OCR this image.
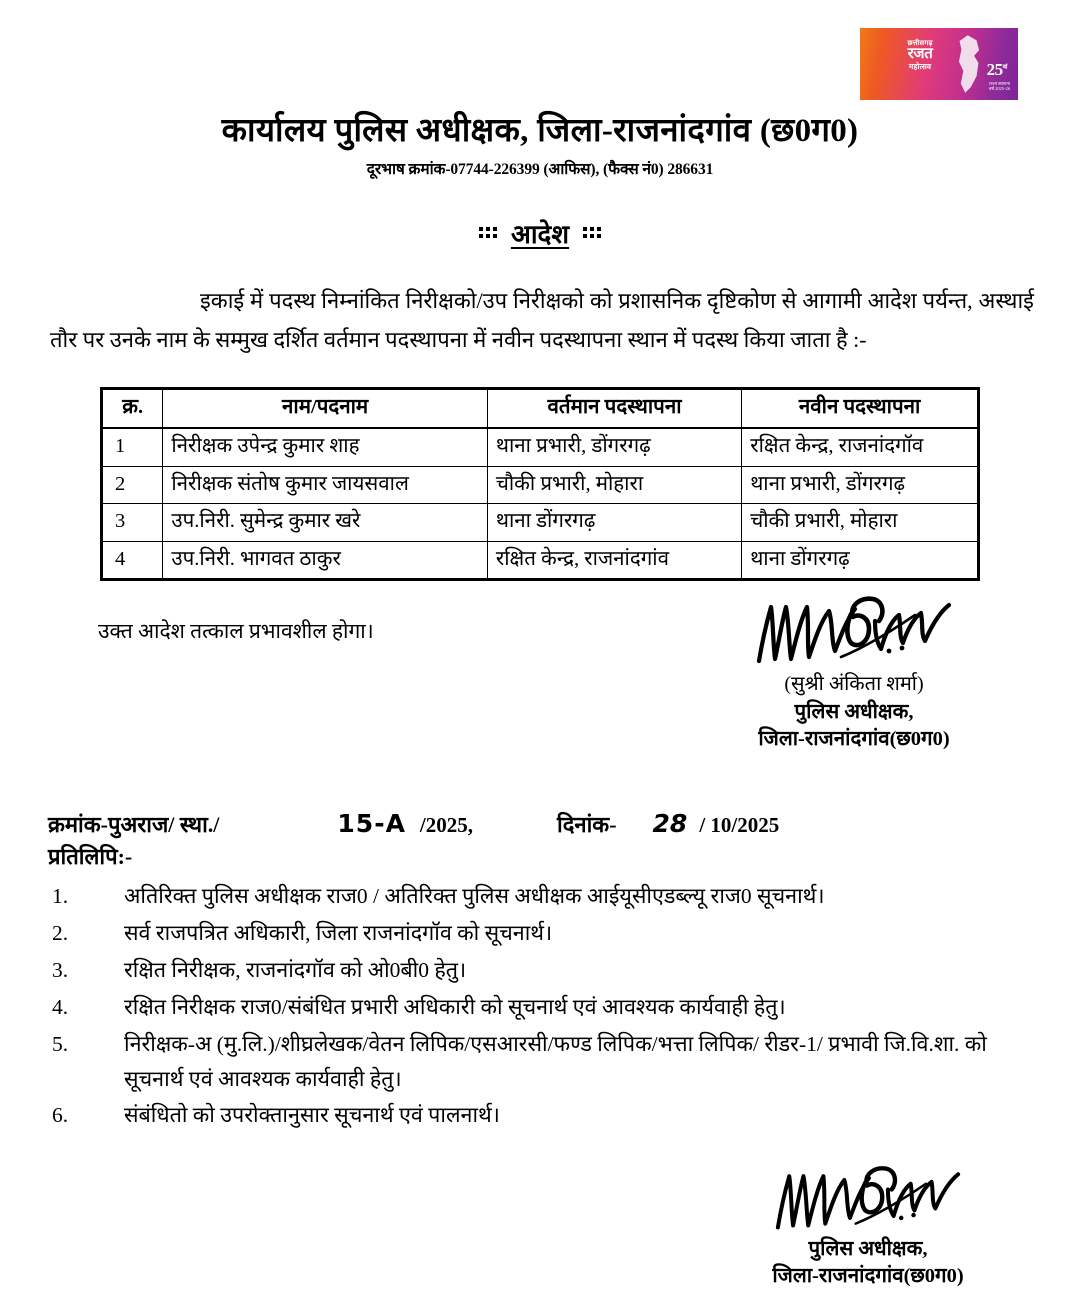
छत्तीसगढ़
रजत
महोत्सव	$25^{वां}$
राज्य स्थापना
वर्ष 2025-26
कार्यालय पुलिस अधीक्षक, जिला-राजनांदगांव (छ0ग0)
दूरभाष क्रमांक-07744-226399 (आफिस), (फैक्स नं0) 286631
आदेश

इकाई में पदस्थ निम्नांकित निरीक्षको/उप निरीक्षको को प्रशासनिक दृष्टिकोण से आगामी आदेश पर्यन्त, अस्थाई तौर पर उनके नाम के सम्मुख दर्शित वर्तमान पदस्थापना में नवीन पदस्थापना स्थान में पदस्थ किया जाता है :-

क्र.	नाम/पदनाम	वर्तमान पदस्थापना	नवीन पदस्थापना
1	निरीक्षक उपेन्द्र कुमार शाह	थाना प्रभारी, डोंगरगढ़	रक्षित केन्द्र, राजनांदगॉव
2	निरीक्षक संतोष कुमार जायसवाल	चौकी प्रभारी, मोहारा	थाना प्रभारी, डोंगरगढ़
3	उप.निरी. सुमेन्द्र कुमार खरे	थाना डोंगरगढ़	चौकी प्रभारी, मोहारा
4	उप.निरी. भागवत ठाकुर	रक्षित केन्द्र, राजनांदगांव	थाना डोंगरगढ़
उक्त आदेश तत्काल प्रभावशील होगा।
(सुश्री अंकिता शर्मा)
पुलिस अधीक्षक,
जिला-राजनांदगांव(छ0ग0)
क्रमांक-पुअराज/ स्था./	15-A /2025,	दिनांक- 28 / 10/2025
प्रतिलिपि:-
1.	अतिरिक्त पुलिस अधीक्षक राज0 / अतिरिक्त पुलिस अधीक्षक आईयूसीएडब्ल्यू राज0 सूचनार्थ।
2.	सर्व राजपत्रित अधिकारी, जिला राजनांदगॉव को सूचनार्थ।
3.	रक्षित निरीक्षक, राजनांदगॉव को ओ0बी0 हेतु।
4.	रक्षित निरीक्षक राज0/संबंधित प्रभारी अधिकारी को सूचनार्थ एवं आवश्यक कार्यवाही हेतु।
5.	निरीक्षक-अ (मु.लि.)/शीघ्रलेखक/वेतन लिपिक/एसआरसी/फण्ड लिपिक/भत्ता लिपिक/ रीडर-1/ प्रभावी जि.वि.शा. को सूचनार्थ एवं आवश्यक कार्यवाही हेतु।
6.	संबंधितो को उपरोक्तानुसार सूचनार्थ एवं पालनार्थ।
पुलिस अधीक्षक,
जिला-राजनांदगांव(छ0ग0)
